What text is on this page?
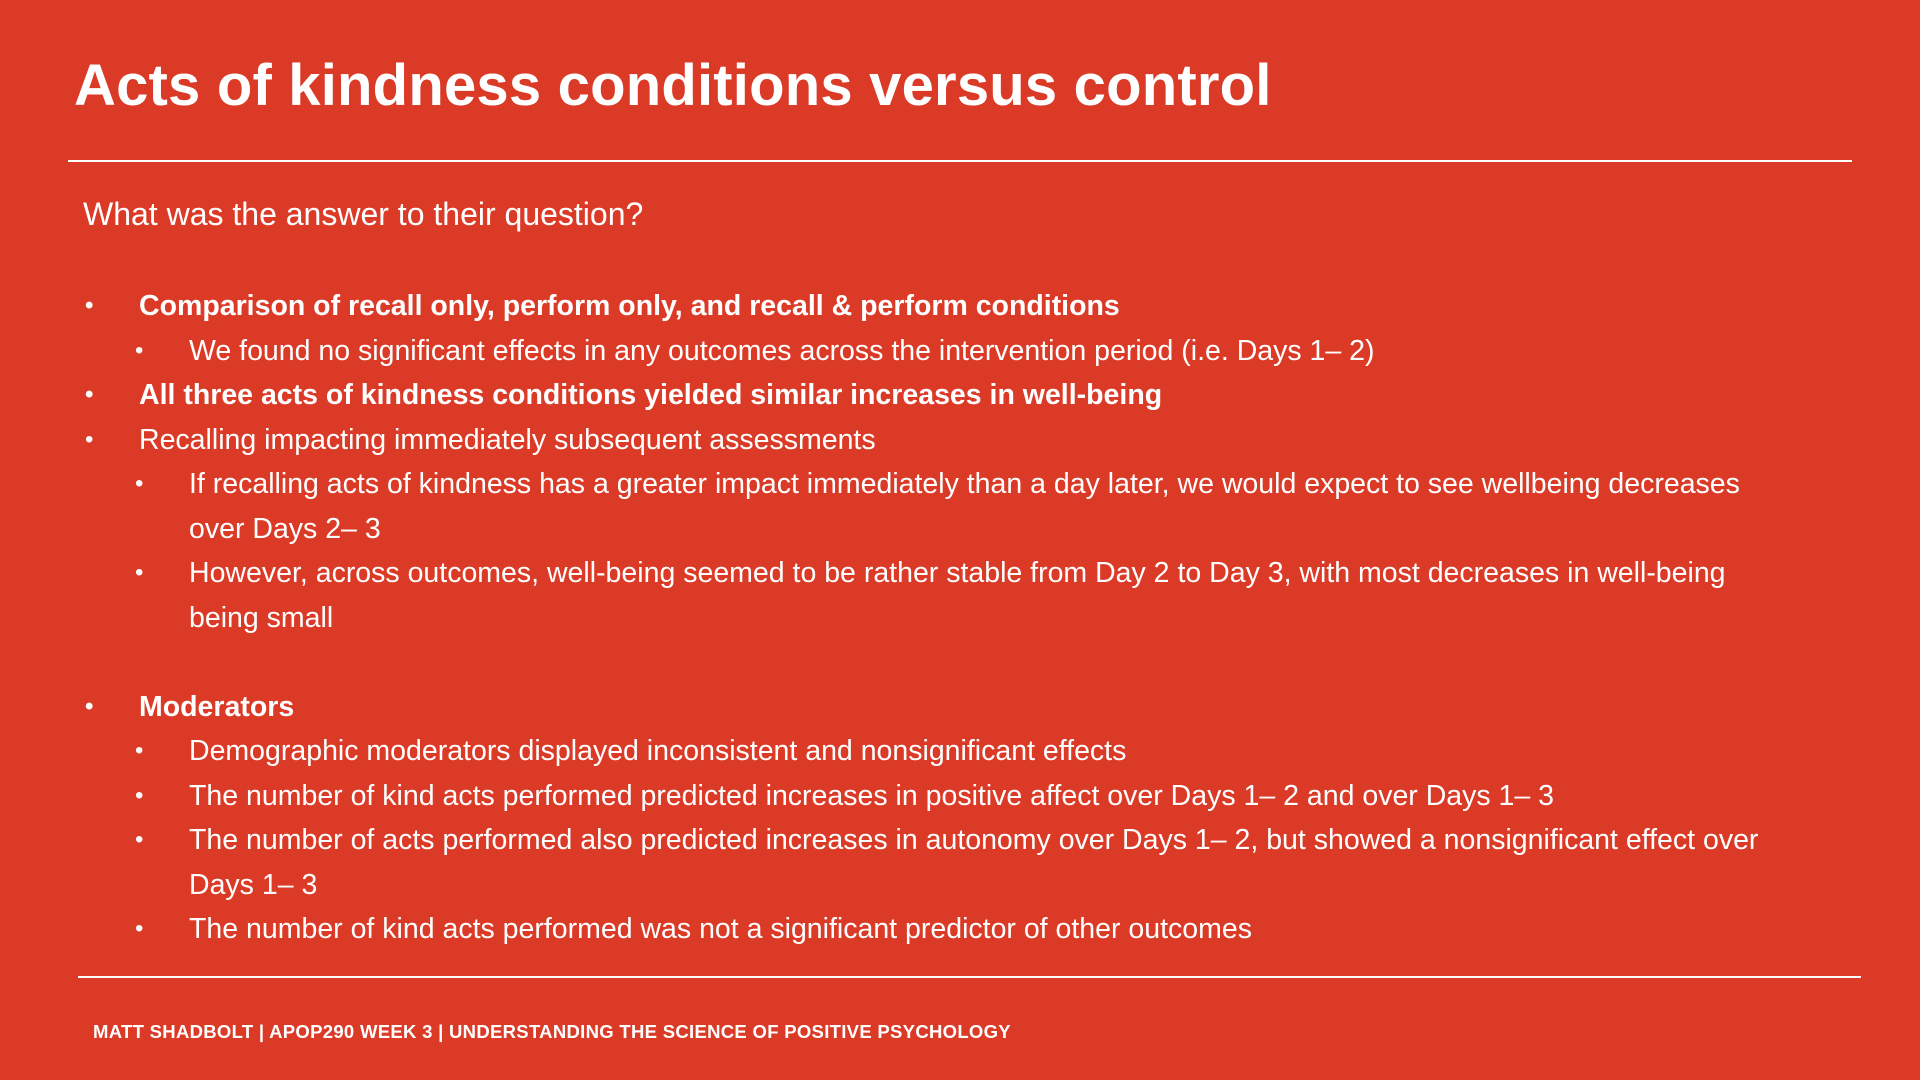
Acts of kindness conditions versus control
What was the answer to their question?
• Comparison of recall only, perform only, and recall & perform conditions
• We found no significant effects in any outcomes across the intervention period (i.e. Days 1– 2)
• All three acts of kindness conditions yielded similar increases in well-being
• Recalling impacting immediately subsequent assessments
• If recalling acts of kindness has a greater impact immediately than a day later, we would expect to see wellbeing decreases over Days 2– 3
• However, across outcomes, well-being seemed to be rather stable from Day 2 to Day 3, with most decreases in well-being being small
• Moderators
• Demographic moderators displayed inconsistent and nonsignificant effects
• The number of kind acts performed predicted increases in positive affect over Days 1– 2 and over Days 1– 3
• The number of acts performed also predicted increases in autonomy over Days 1– 2, but showed a nonsignificant effect over Days 1– 3
• The number of kind acts performed was not a significant predictor of other outcomes
MATT SHADBOLT | APOP290 WEEK 3 | UNDERSTANDING THE SCIENCE OF POSITIVE PSYCHOLOGY
